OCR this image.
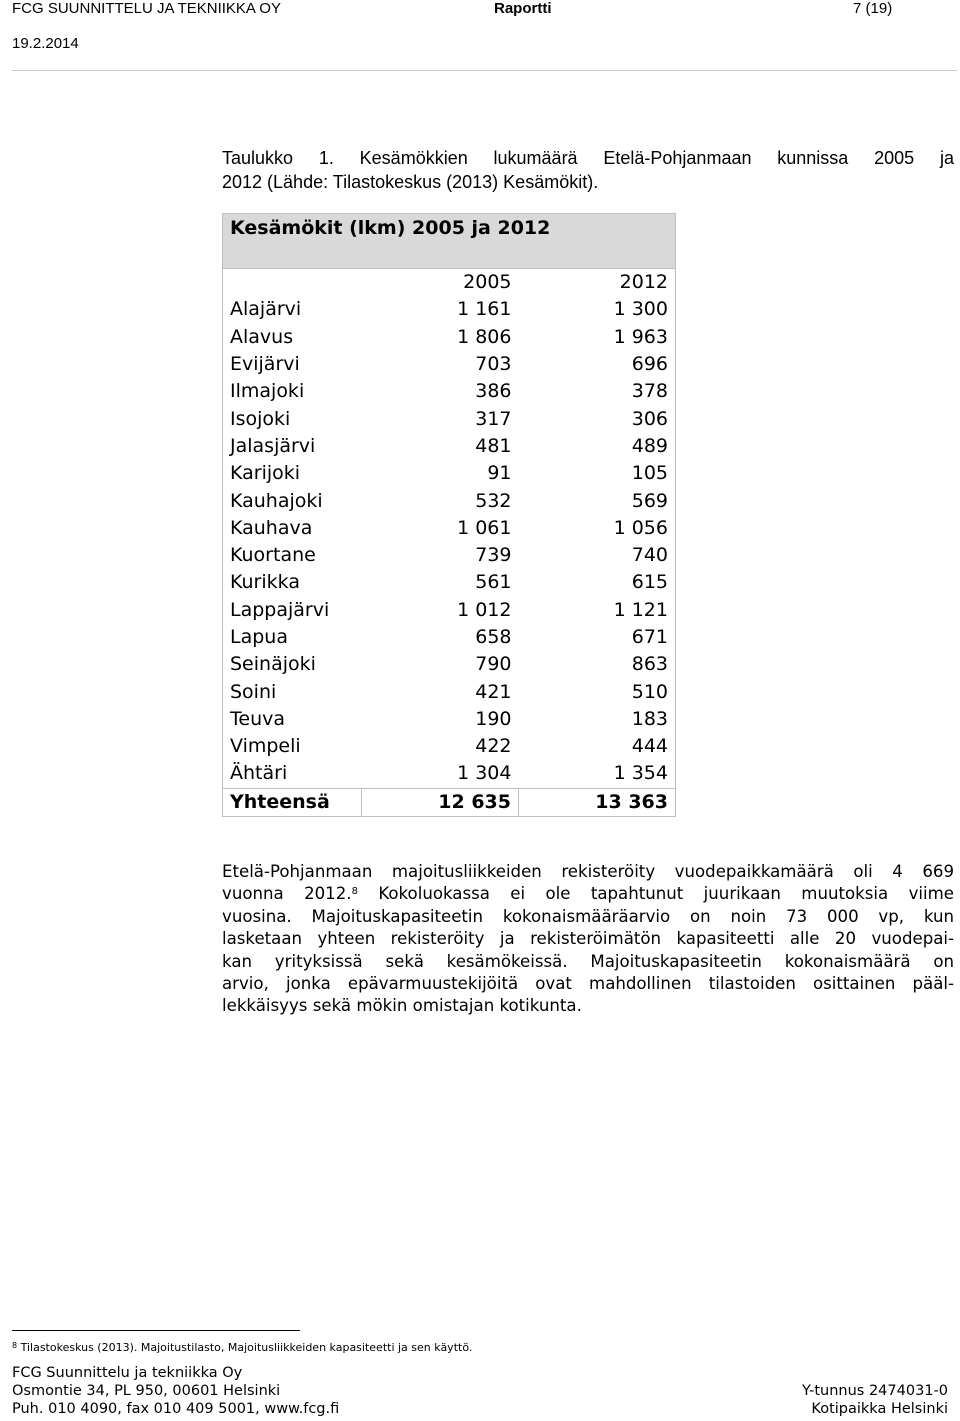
FCG SUUNNITTELU JA TEKNIIKKA OY	Raportti	7 (19)
19.2.2014
Taulukko 1. Kesämökkien lukumäärä Etelä-Pohjanmaan kunnissa 2005 ja
2012 (Lähde: Tilastokeskus (2013) Kesämökit).
Kesämökit (lkm) 2005 ja 2012		

	2005	2012
Alajärvi	1 161	1 300
Alavus	1 806	1 963
Evijärvi	703	696
Ilmajoki	386	378
Isojoki	317	306
Jalasjärvi	481	489
Karijoki	91	105
Kauhajoki	532	569
Kauhava	1 061	1 056
Kuortane	739	740
Kurikka	561	615
Lappajärvi	1 012	1 121
Lapua	658	671
Seinäjoki	790	863
Soini	421	510
Teuva	190	183
Vimpeli	422	444
Ähtäri	1 304	1 354
Yhteensä	12 635	13 363
Etelä-Pohjanmaan majoitusliikkeiden rekisteröity vuodepaikkamäärä oli 4 669
vuonna 2012.$^8$ Kokoluokassa ei ole tapahtunut juurikaan muutoksia viime
vuosina. Majoituskapasiteetin kokonaismääräarvio on noin 73 000 vp, kun
lasketaan yhteen rekisteröity ja rekisteröimätön kapasiteetti alle 20 vuodepai-
kan yrityksissä sekä kesämökeissä. Majoituskapasiteetin kokonaismäärä on
arvio, jonka epävarmuustekijöitä ovat mahdollinen tilastoiden osittainen pääl-
lekkäisyys sekä mökin omistajan kotikunta.
$^8$ Tilastokeskus (2013). Majoitustilasto, Majoitusliikkeiden kapasiteetti ja sen käyttö.
FCG Suunnittelu ja tekniikka Oy
Osmontie 34, PL 950, 00601 Helsinki	Y-tunnus 2474031-0
Puh. 010 4090, fax 010 409 5001, www.fcg.fi	Kotipaikka Helsinki
